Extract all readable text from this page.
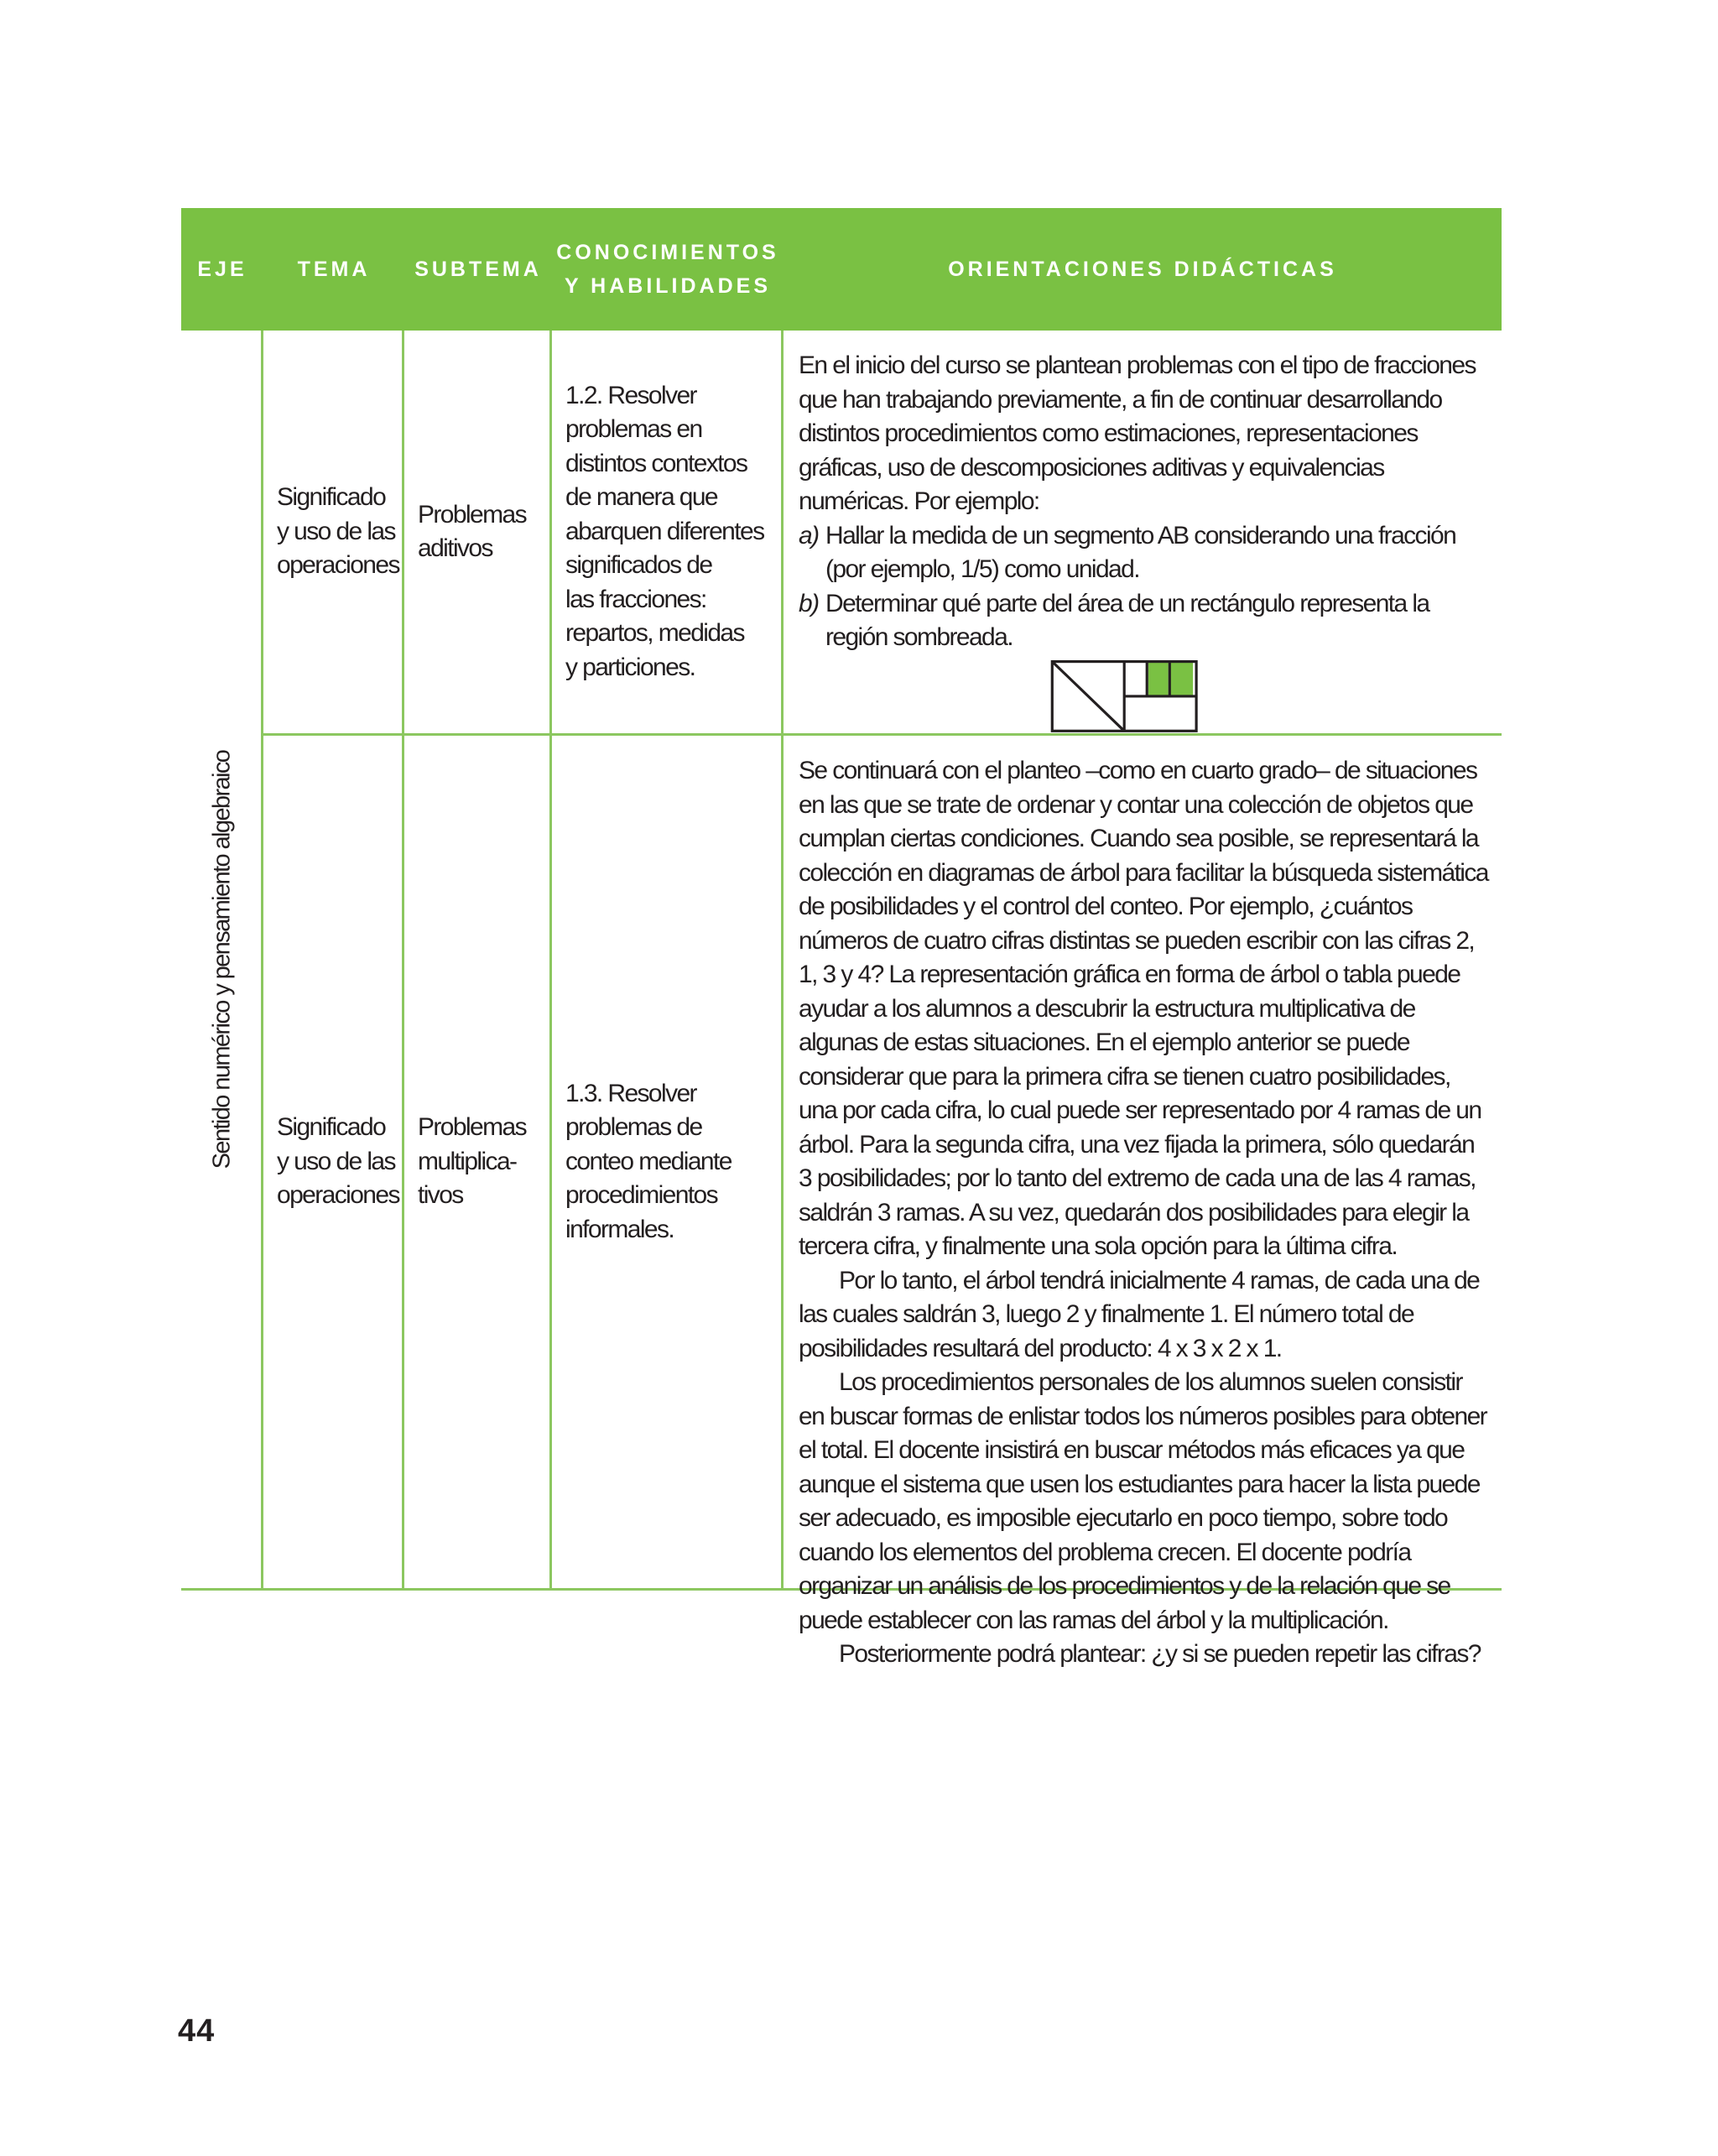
EJE	TEMA	SUBTEMA
CONOCIMIENTOS
Y HABILIDADES
ORIENTACIONES DIDÁCTICAS
Sentido numérico y pensamiento algebraico
Significado
y uso de las
operaciones
Problemas
aditivos
1.2. Resolver
problemas en
distintos contextos
de manera que
abarquen diferentes
significados de
las fracciones:
repartos, medidas
y particiones.

En el inicio del curso se plantean problemas con el tipo de fracciones que han trabajando previamente, a fin de continuar desarrollando distintos procedimientos como estimaciones, representaciones gráficas, uso de descomposiciones aditivas y equivalencias numéricas. Por ejemplo:

a) Hallar la medida de un segmento AB considerando una fracción (por ejemplo, 1/5) como unidad.
b) Determinar qué parte del área de un rectángulo representa la región sombreada.
Significado
y uso de las
operaciones
Problemas
multiplica-
tivos
1.3. Resolver
problemas de
conteo mediante
procedimientos
informales.

Se continuará con el planteo –como en cuarto grado– de situaciones en las que se trate de ordenar y contar una colección de objetos que cumplan ciertas condiciones. Cuando sea posible, se representará la colección en diagramas de árbol para facilitar la búsqueda sistemática de posibilidades y el control del conteo. Por ejemplo, ¿cuántos números de cuatro cifras distintas se pueden escribir con las cifras 2, 1, 3 y 4? La representación gráfica en forma de árbol o tabla puede ayudar a los alumnos a descubrir la estructura multiplicativa de algunas de estas situaciones. En el ejemplo anterior se puede considerar que para la primera cifra se tienen cuatro posibilidades, una por cada cifra, lo cual puede ser representado por 4 ramas de un árbol. Para la segunda cifra, una vez fijada la primera, sólo quedarán 3 posibilidades; por lo tanto del extremo de cada una de las 4 ramas, saldrán 3 ramas. A su vez, quedarán dos posibilidades para elegir la tercera cifra, y finalmente una sola opción para la última cifra.

Por lo tanto, el árbol tendrá inicialmente 4 ramas, de cada una de las cuales saldrán 3, luego 2 y finalmente 1. El número total de posibilidades resultará del producto: 4 x 3 x 2 x 1.

Los procedimientos personales de los alumnos suelen consistir en buscar formas de enlistar todos los números posibles para obtener el total. El docente insistirá en buscar métodos más eficaces ya que aunque el sistema que usen los estudiantes para hacer la lista puede ser adecuado, es imposible ejecutarlo en poco tiempo, sobre todo cuando los elementos del problema crecen. El docente podría organizar un análisis de los procedimientos y de la relación que se puede establecer con las ramas del árbol y la multiplicación.

Posteriormente podrá plantear: ¿y si se pueden repetir las cifras?

44
